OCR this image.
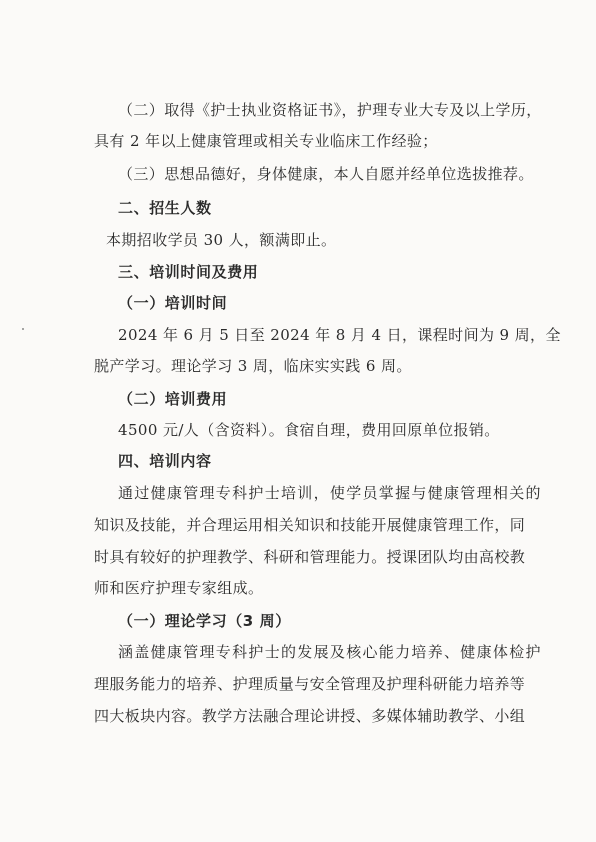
（二）取得《护士执业资格证书》，护理专业大专及以上学历，
具有 2 年以上健康管理或相关专业临床工作经验；
（三）思想品德好，身体健康，本人自愿并经单位选拔推荐。
二、招生人数
本期招收学员 30 人，额满即止。
三、培训时间及费用
（一）培训时间
2024 年 6 月 5 日至 2024 年 8 月 4 日，课程时间为 9 周，全
脱产学习。理论学习 3 周，临床实实践 6 周。
（二）培训费用
4500 元/人（含资料）。食宿自理，费用回原单位报销。
四、培训内容
通过健康管理专科护士培训，使学员掌握与健康管理相关的
知识及技能，并合理运用相关知识和技能开展健康管理工作，同
时具有较好的护理教学、科研和管理能力。授课团队均由高校教
师和医疗护理专家组成。
（一）理论学习（3 周）
涵盖健康管理专科护士的发展及核心能力培养、健康体检护
理服务能力的培养、护理质量与安全管理及护理科研能力培养等
四大板块内容。教学方法融合理论讲授、多媒体辅助教学、小组
